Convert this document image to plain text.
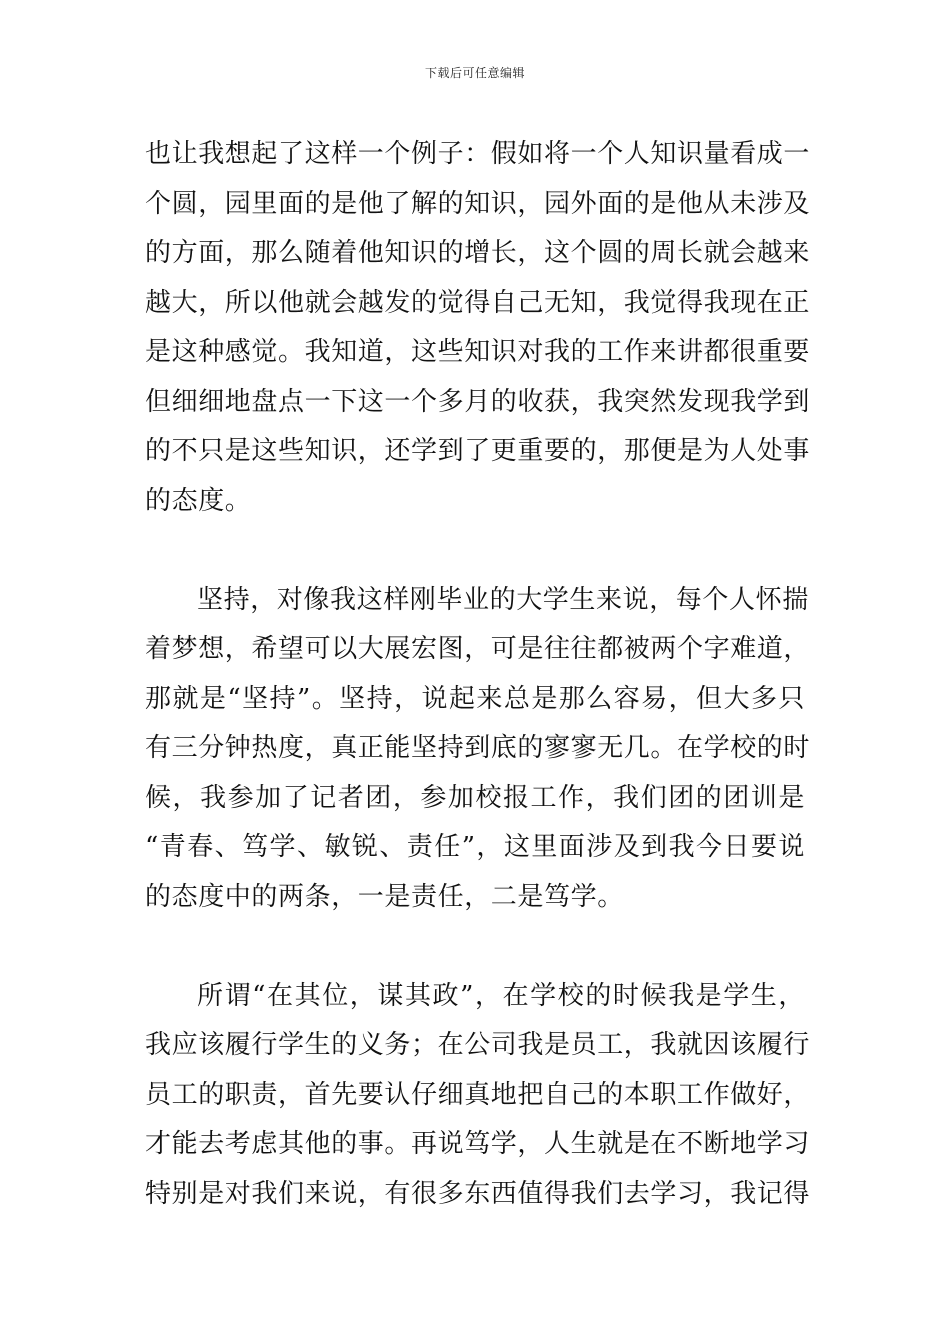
下载后可任意编辑
也让我想起了这样一个例子：假如将一个人知识量看成一
个圆，园里面的是他了解的知识，园外面的是他从未涉及
的方面，那么随着他知识的增长，这个圆的周长就会越来
越大，所以他就会越发的觉得自己无知，我觉得我现在正
是这种感觉。我知道，这些知识对我的工作来讲都很重要
但细细地盘点一下这一个多月的收获，我突然发现我学到
的不只是这些知识，还学到了更重要的，那便是为人处事
的态度。
坚持，对像我这样刚毕业的大学生来说，每个人怀揣
着梦想，希望可以大展宏图，可是往往都被两个字难道，
那就是“坚持”。坚持，说起来总是那么容易，但大多只
有三分钟热度，真正能坚持到底的寥寥无几。在学校的时
候，我参加了记者团，参加校报工作，我们团的团训是
“青春、笃学、敏锐、责任”，这里面涉及到我今日要说
的态度中的两条，一是责任，二是笃学。
所谓“在其位，谋其政”，在学校的时候我是学生，
我应该履行学生的义务；在公司我是员工，我就因该履行
员工的职责，首先要认仔细真地把自己的本职工作做好，
才能去考虑其他的事。再说笃学，人生就是在不断地学习
特别是对我们来说，有很多东西值得我们去学习，我记得
